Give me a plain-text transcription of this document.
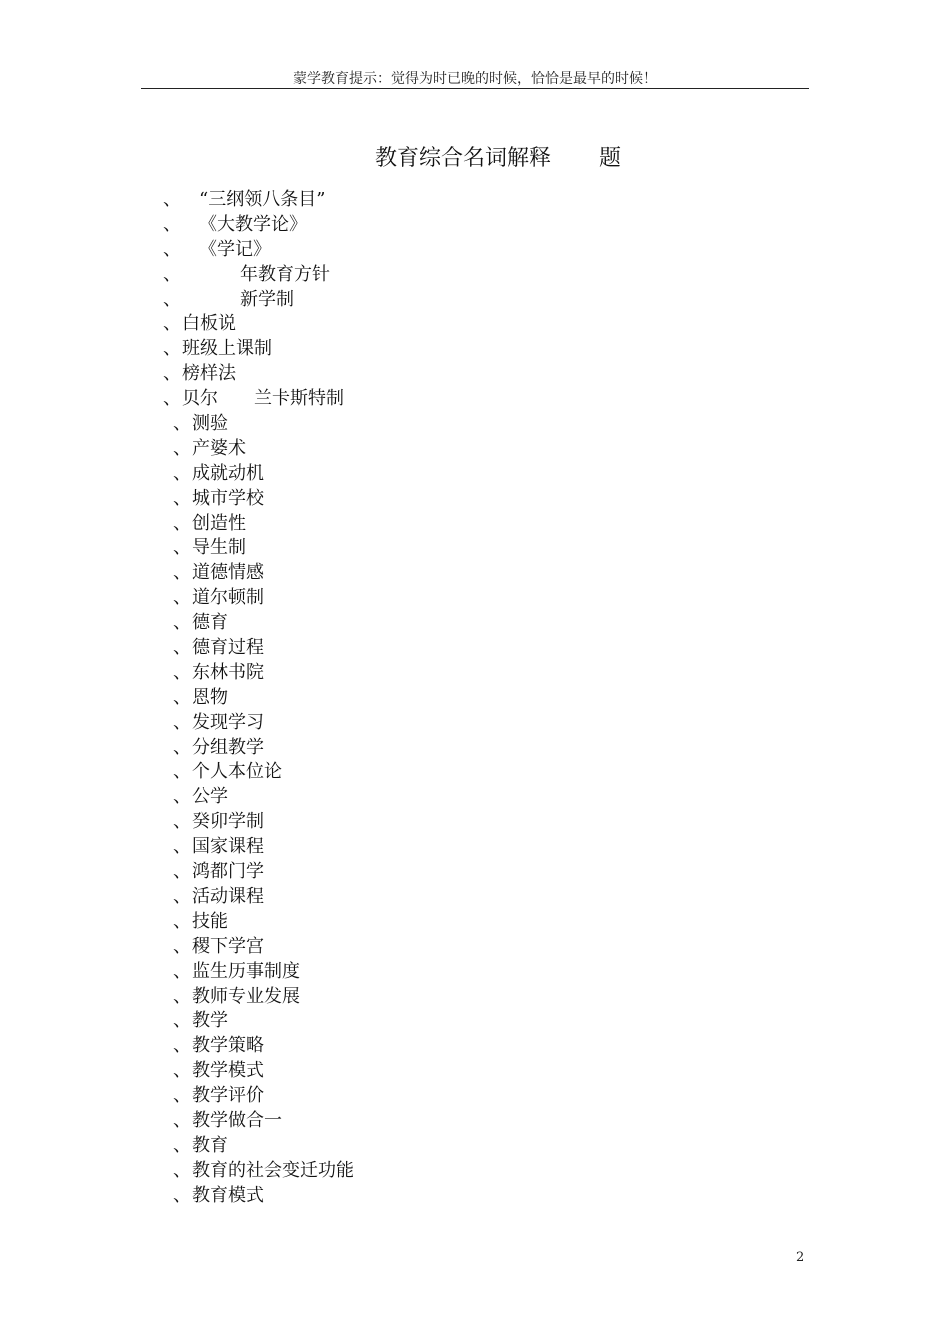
蒙学教育提示：觉得为时已晚的时候，恰恰是最早的时候！
教育综合名词解释 题
、 “三纲领八条目”
、 《大教学论》
、 《学记》
、	年教育方针
、	新学制
、 白板说
、 班级上课制
、 榜样法
、 贝尔 兰卡斯特制
、 测验
、 产婆术
、 成就动机
、 城市学校
、 创造性
、 导生制
、 道德情感
、 道尔顿制
、 德育
、 德育过程
、 东林书院
、 恩物
、 发现学习
、 分组教学
、 个人本位论
、 公学
、 癸卯学制
、 国家课程
、 鸿都门学
、 活动课程
、 技能
、 稷下学宫
、 监生历事制度
、 教师专业发展
、 教学
、 教学策略
、 教学模式
、 教学评价
、 教学做合一
、 教育
、 教育的社会变迁功能
、 教育模式
2
